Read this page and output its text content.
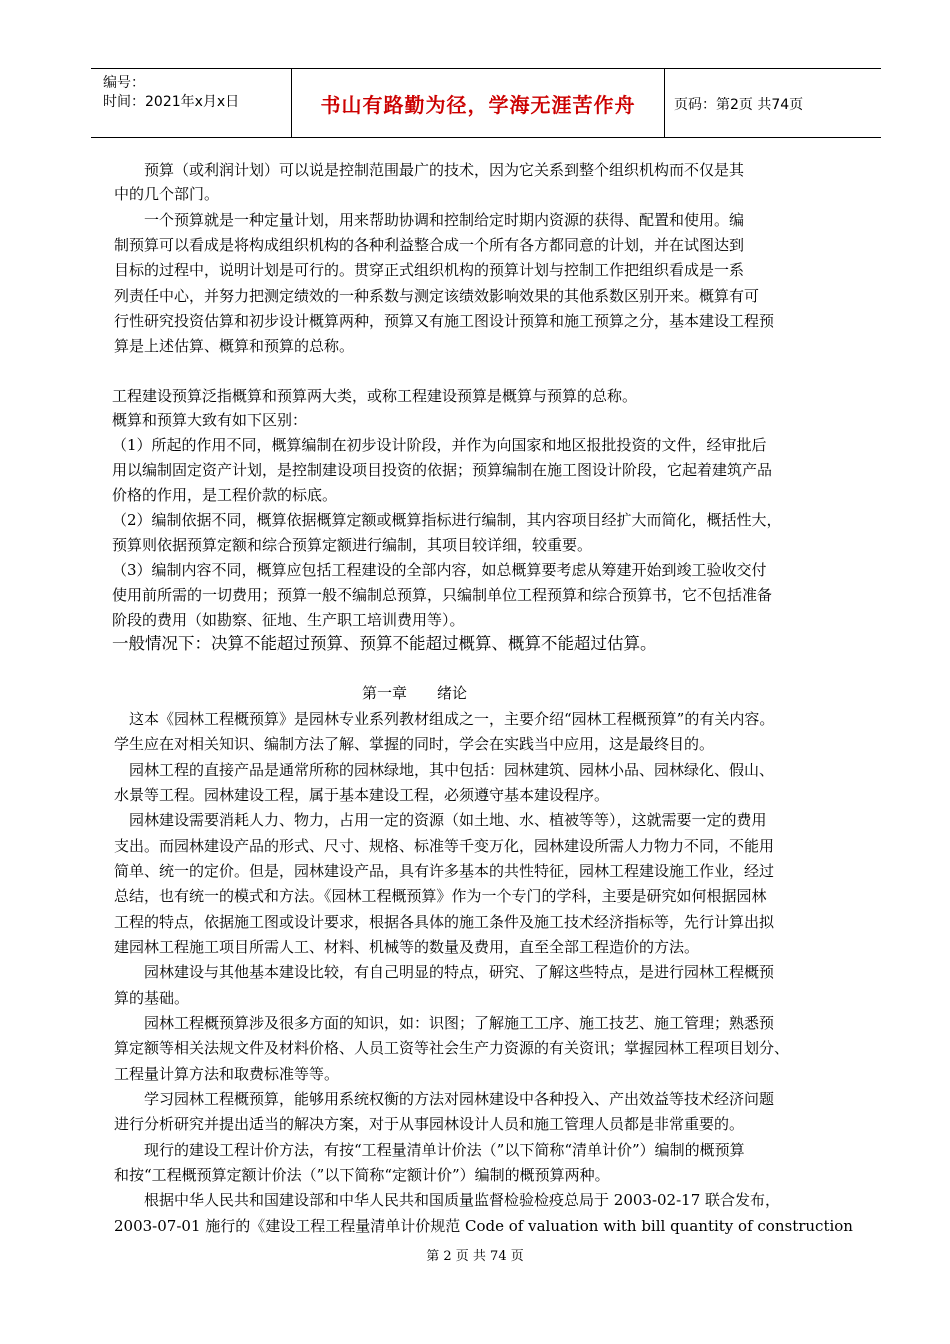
编号：
时间：2021年x月x日	书山有路勤为径，学海无涯苦作舟	页码：第2页 共74页
　　预算（或利润计划）可以说是控制范围最广的技术，因为它关系到整个组织机构而不仅是其
中的几个部门。
　　一个预算就是一种定量计划，用来帮助协调和控制给定时期内资源的获得、配置和使用。编
制预算可以看成是将构成组织机构的各种利益整合成一个所有各方都同意的计划，并在试图达到
目标的过程中，说明计划是可行的。贯穿正式组织机构的预算计划与控制工作把组织看成是一系
列责任中心，并努力把测定绩效的一种系数与测定该绩效影响效果的其他系数区别开来。概算有可
行性研究投资估算和初步设计概算两种，预算又有施工图设计预算和施工预算之分，基本建设工程预
算是上述估算、概算和预算的总称。
工程建设预算泛指概算和预算两大类，或称工程建设预算是概算与预算的总称。
概算和预算大致有如下区别：
（1）所起的作用不同，概算编制在初步设计阶段，并作为向国家和地区报批投资的文件，经审批后
用以编制固定资产计划，是控制建设项目投资的依据；预算编制在施工图设计阶段，它起着建筑产品
价格的作用，是工程价款的标底。
（2）编制依据不同，概算依据概算定额或概算指标进行编制，其内容项目经扩大而简化，概括性大，
预算则依据预算定额和综合预算定额进行编制，其项目较详细，较重要。
（3）编制内容不同，概算应包括工程建设的全部内容，如总概算要考虑从筹建开始到竣工验收交付
使用前所需的一切费用；预算一般不编制总预算，只编制单位工程预算和综合预算书，它不包括准备
阶段的费用（如勘察、征地、生产职工培训费用等）。
一般情况下：决算不能超过预算、预算不能超过概算、概算不能超过估算。
第一章　　绪论
　这本《园林工程概预算》是园林专业系列教材组成之一，主要介绍“园林工程概预算”的有关内容。
学生应在对相关知识、编制方法了解、掌握的同时，学会在实践当中应用，这是最终目的。
　园林工程的直接产品是通常所称的园林绿地，其中包括：园林建筑、园林小品、园林绿化、假山、
水景等工程。园林建设工程，属于基本建设工程，必须遵守基本建设程序。
　园林建设需要消耗人力、物力，占用一定的资源（如土地、水、植被等等），这就需要一定的费用
支出。而园林建设产品的形式、尺寸、规格、标准等千变万化，园林建设所需人力物力不同，不能用
简单、统一的定价。但是，园林建设产品，具有许多基本的共性特征，园林工程建设施工作业，经过
总结，也有统一的模式和方法。《园林工程概预算》作为一个专门的学科，主要是研究如何根据园林
工程的特点，依据施工图或设计要求，根据各具体的施工条件及施工技术经济指标等，先行计算出拟
建园林工程施工项目所需人工、材料、机械等的数量及费用，直至全部工程造价的方法。
　　园林建设与其他基本建设比较，有自己明显的特点，研究、了解这些特点，是进行园林工程概预
算的基础。
　　园林工程概预算涉及很多方面的知识，如：识图；了解施工工序、施工技艺、施工管理；熟悉预
算定额等相关法规文件及材料价格、人员工资等社会生产力资源的有关资讯；掌握园林工程项目划分、
工程量计算方法和取费标准等等。
　　学习园林工程概预算，能够用系统权衡的方法对园林建设中各种投入、产出效益等技术经济问题
进行分析研究并提出适当的解决方案，对于从事园林设计人员和施工管理人员都是非常重要的。
　　现行的建设工程计价方法，有按“工程量清单计价法（”以下简称“清单计价”）编制的概预算
和按“工程概预算定额计价法（”以下简称“定额计价”）编制的概预算两种。
　　根据中华人民共和国建设部和中华人民共和国质量监督检验检疫总局于 2003-02-17 联合发布，
2003-07-01 施行的《建设工程工程量清单计价规范 Code of valuation with bill quantity of construction
第 2 页 共 74 页
